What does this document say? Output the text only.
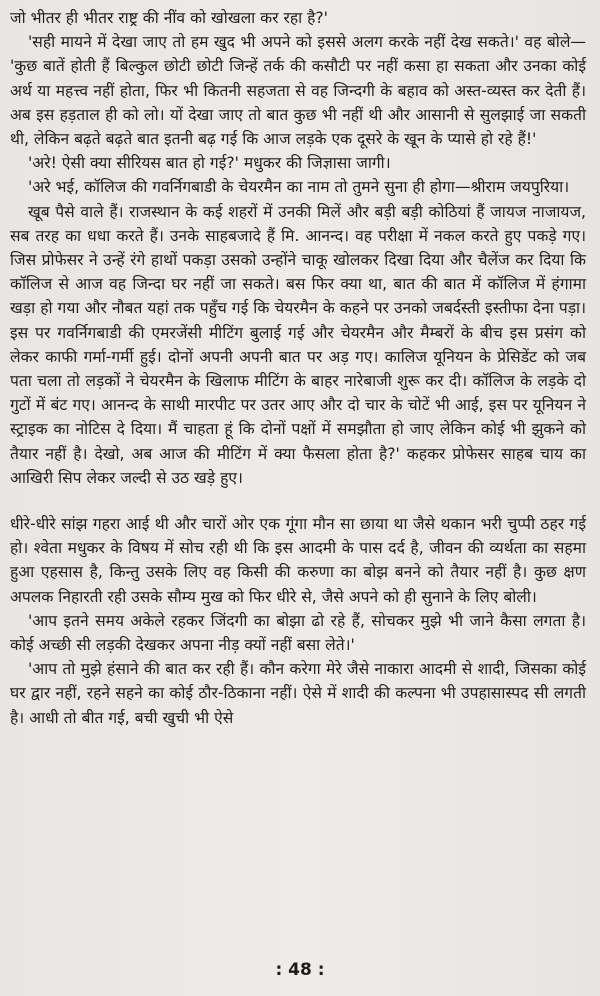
जो भीतर ही भीतर राष्ट्र की नींव को खोखला कर रहा है?'

'सही मायने में देखा जाए तो हम खुद भी अपने को इससे अलग करके नहीं देख सकते।' वह बोले— 'कुछ बातें होती हैं बिल्कुल छोटी छोटी जिन्हें तर्क की कसौटी पर नहीं कसा हा सकता और उनका कोई अर्थ या महत्त्व नहीं होता, फिर भी कितनी सहजता से वह जिन्दगी के बहाव को अस्त-व्यस्त कर देती हैं। अब इस हड़ताल ही को लो। यों देखा जाए तो बात कुछ भी नहीं थी और आसानी से सुलझाई जा सकती थी, लेकिन बढ़ते बढ़ते बात इतनी बढ़ गई कि आज लड़के एक दूसरे के खून के प्यासे हो रहे हैं!'

'अरे! ऐसी क्या सीरियस बात हो गई?' मधुकर की जिज्ञासा जागी।

'अरे भई, कॉलिज की गवर्निगबाडी के चेयरमैन का नाम तो तुमने सुना ही होगा—श्रीराम जयपुरिया।

खूब पैसे वाले हैं। राजस्थान के कई शहरों में उनकी मिलें और बड़ी बड़ी कोठियां हैं जायज नाजायज, सब तरह का धधा करते हैं। उनके साहबजादे हैं मि. आनन्द। वह परीक्षा में नकल करते हुए पकड़े गए। जिस प्रोफेसर ने उन्हें रंगे हाथों पकड़ा उसको उन्होंने चाकू खोलकर दिखा दिया और चैलेंज कर दिया कि कॉलिज से आज वह जिन्दा घर नहीं जा सकते। बस फिर क्या था, बात की बात में कॉलिज में हंगामा खड़ा हो गया और नौबत यहां तक पहुँच गई कि चेयरमैन के कहने पर उनको जबर्दस्ती इस्तीफा देना पड़ा। इस पर गवर्निगबाडी की एमरजेंसी मीटिंग बुलाई गई और चेयरमैन और मैम्बरों के बीच इस प्रसंग को लेकर काफी गर्मा-गर्मी हुई। दोनों अपनी अपनी बात पर अड़ गए। कालिज यूनियन के प्रेसिडेंट को जब पता चला तो लड़कों ने चेयरमैन के खिलाफ मीटिंग के बाहर नारेबाजी शुरू कर दी। कॉलिज के लड़के दो गुटों में बंट गए। आनन्द के साथी मारपीट पर उतर आए और दो चार के चोटें भी आई, इस पर यूनियन ने स्ट्राइक का नोटिस दे दिया। मैं चाहता हूं कि दोनों पक्षों में समझौता हो जाए लेकिन कोई भी झुकने को तैयार नहीं है। देखो, अब आज की मीटिंग में क्या फैसला होता है?' कहकर प्रोफेसर साहब चाय का आखिरी सिप लेकर जल्दी से उठ खड़े हुए।

धीरे-धीरे सांझ गहरा आई थी और चारों ओर एक गूंगा मौन सा छाया था जैसे थकान भरी चुप्पी ठहर गई हो। श्वेता मधुकर के विषय में सोच रही थी कि इस आदमी के पास दर्द है, जीवन की व्यर्थता का सहमा हुआ एहसास है, किन्तु उसके लिए वह किसी की करुणा का बोझ बनने को तैयार नहीं है। कुछ क्षण अपलक निहारती रही उसके सौम्य मुख को फिर धीरे से, जैसे अपने को ही सुनाने के लिए बोली।

'आप इतने समय अकेले रहकर जिंदगी का बोझा ढो रहे हैं, सोचकर मुझे भी जाने कैसा लगता है। कोई अच्छी सी लड़की देखकर अपना नीड़ क्यों नहीं बसा लेते।'

'आप तो मुझे हंसाने की बात कर रही हैं। कौन करेगा मेरे जैसे नाकारा आदमी से शादी, जिसका कोई घर द्वार नहीं, रहने सहने का कोई ठौर-ठिकाना नहीं। ऐसे में शादी की कल्पना भी उपहासास्पद सी लगती है। आधी तो बीत गई, बची खुची भी ऐसे

: 48 :
